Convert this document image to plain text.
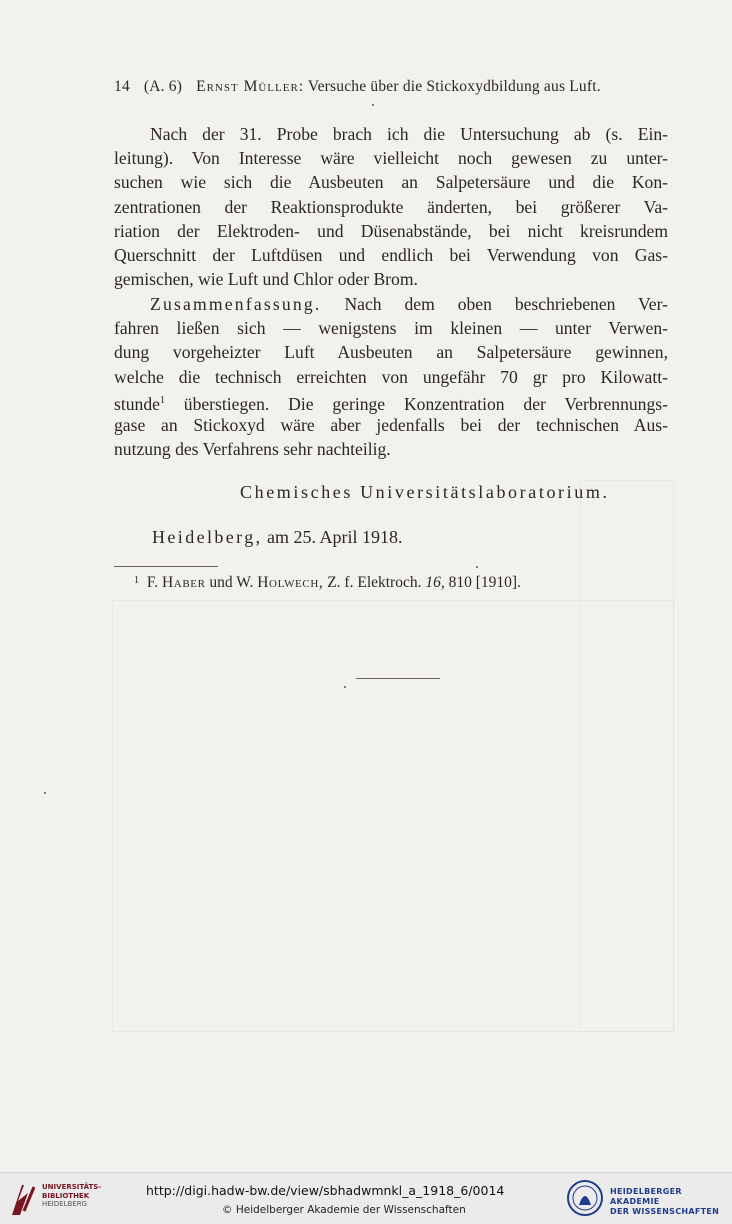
14 (A. 6) Ernst Müller: Versuche über die Stickoxydbildung aus Luft.
Nach der 31. Probe brach ich die Untersuchung ab (s. Ein-
leitung). Von Interesse wäre vielleicht noch gewesen zu unter-
suchen wie sich die Ausbeuten an Salpetersäure und die Kon-
zentrationen der Reaktionsprodukte änderten, bei größerer Va-
riation der Elektroden- und Düsenabstände, bei nicht kreisrundem
Querschnitt der Luftdüsen und endlich bei Verwendung von Gas-
gemischen, wie Luft und Chlor oder Brom.
Zusammenfassung. Nach dem oben beschriebenen Ver-
fahren ließen sich — wenigstens im kleinen — unter Verwen-
dung vorgeheizter Luft Ausbeuten an Salpetersäure gewinnen,
welche die technisch erreichten von ungefähr 70 gr pro Kilowatt-
stunde$^1$ überstiegen. Die geringe Konzentration der Verbrennungs-
gase an Stickoxyd wäre aber jedenfalls bei der technischen Aus-
nutzung des Verfahrens sehr nachteilig.
Chemisches Universitätslaboratorium.
Heidelberg, am 25. April 1918.
$^1$ F. Haber und W. Holwech, Z. f. Elektroch. 16, 810 [1910].
UNIVERSITÄTS-
BIBLIOTHEK
HEIDELBERG
http://digi.hadw-bw.de/view/sbhadwmnkl_a_1918_6/0014
© Heidelberger Akademie der Wissenschaften
HEIDELBERGER AKADEMIE
DER WISSENSCHAFTEN
